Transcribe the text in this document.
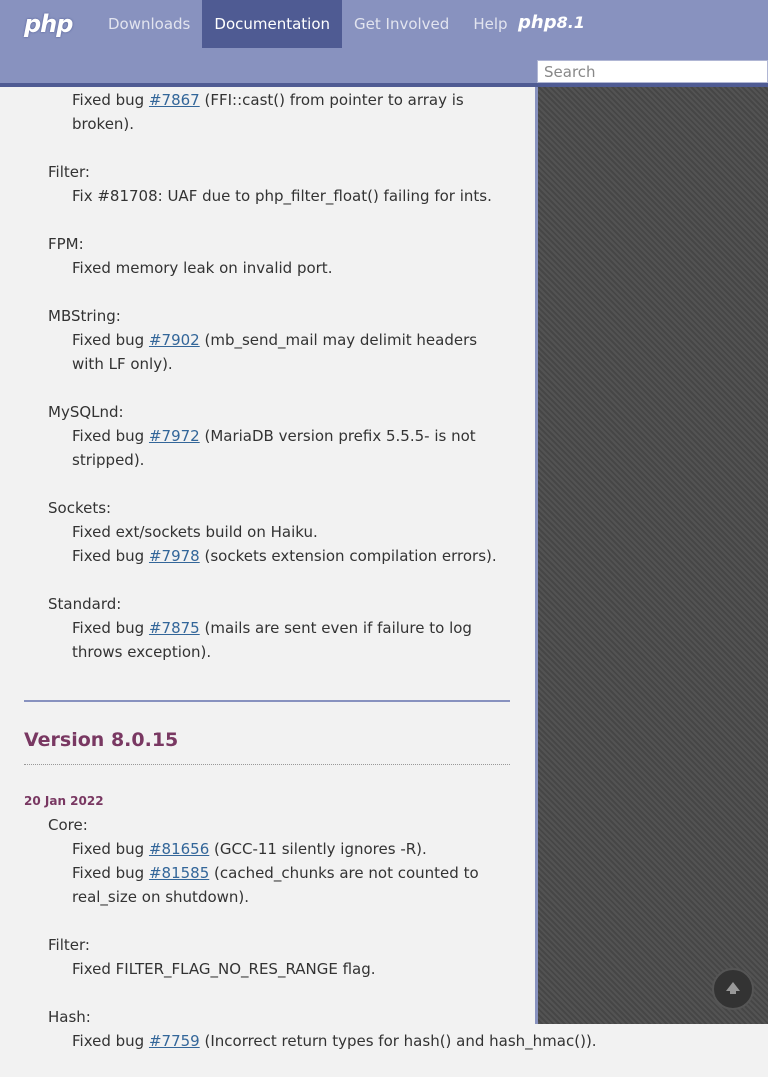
Fixed bug #7867 (FFI::cast() from pointer to array is broken).
Filter:
Fix #81708: UAF due to php_filter_float() failing for ints.
FPM:
Fixed memory leak on invalid port.
MBString:
Fixed bug #7902 (mb_send_mail may delimit headers with LF only).
MySQLnd:
Fixed bug #7972 (MariaDB version prefix 5.5.5- is not stripped).
Sockets:
Fixed ext/sockets build on Haiku.
Fixed bug #7978 (sockets extension compilation errors).
Standard:
Fixed bug #7875 (mails are sent even if failure to log throws exception).
Version 8.0.15
20 Jan 2022
Core:
Fixed bug #81656 (GCC-11 silently ignores -R).
Fixed bug #81585 (cached_chunks are not counted to real_size on shutdown).
Filter:
Fixed FILTER_FLAG_NO_RES_RANGE flag.
Hash:
Fixed bug #7759 (Incorrect return types for hash() and hash_hmac()).
php	Downloads	Documentation	Get Involved	Help php8.1
Search
